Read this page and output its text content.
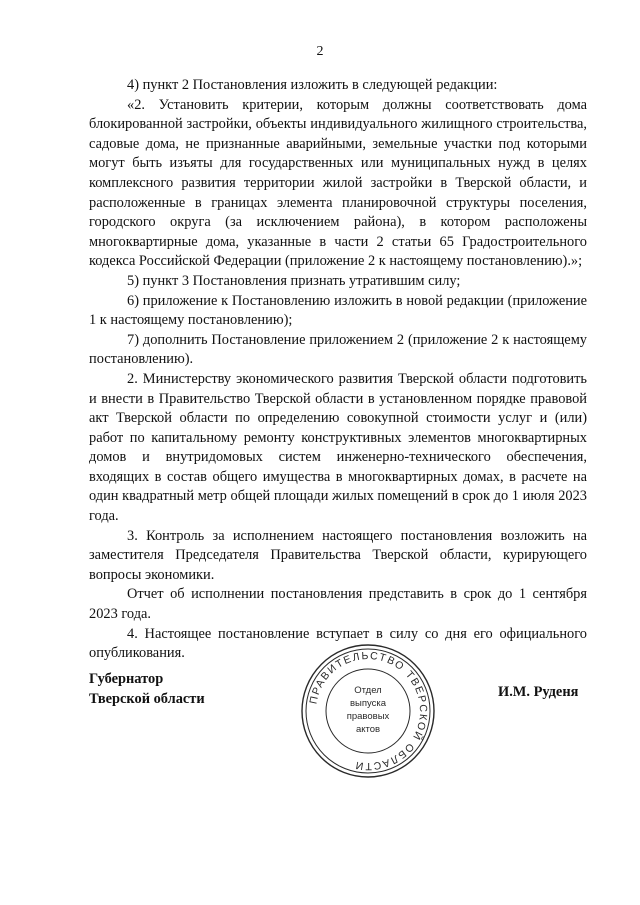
2

4) пункт 2 Постановления изложить в следующей редакции:

«2. Установить критерии, которым должны соответствовать дома блокированной застройки, объекты индивидуального жилищного строительства, садовые дома, не признанные аварийными, земельные участки под которыми могут быть изъяты для государственных или муниципальных нужд в целях комплексного развития территории жилой застройки в Тверской области, и расположенные в границах элемента планировочной структуры поселения, городского округа (за исключением района), в котором расположены многоквартирные дома, указанные в части 2 статьи 65 Градостроительного кодекса Российской Федерации (приложение 2 к настоящему постановлению).»;

5) пункт 3 Постановления признать утратившим силу;

6) приложение к Постановлению изложить в новой редакции (приложение 1 к настоящему постановлению);

7) дополнить Постановление приложением 2 (приложение 2 к настоящему постановлению).

2. Министерству экономического развития Тверской области подготовить и внести в Правительство Тверской области в установленном порядке правовой акт Тверской области по определению совокупной стоимости услуг и (или) работ по капитальному ремонту конструктивных элементов многоквартирных домов и внутридомовых систем инженерно-технического обеспечения, входящих в состав общего имущества в многоквартирных домах, в расчете на один квадратный метр общей площади жилых помещений в срок до 1 июля 2023 года.

3. Контроль за исполнением настоящего постановления возложить на заместителя Председателя Правительства Тверской области, курирующего вопросы экономики.

Отчет об исполнении постановления представить в срок до 1 сентября 2023 года.

4. Настоящее постановление вступает в силу со дня его официального опубликования.

Губернатор
Тверской области	ПРАВИТЕЛЬСТВО ТВЕРСКОЙ ОБЛАСТИ
Отдел
выпуска
правовых
актов
И.М. Руденя
